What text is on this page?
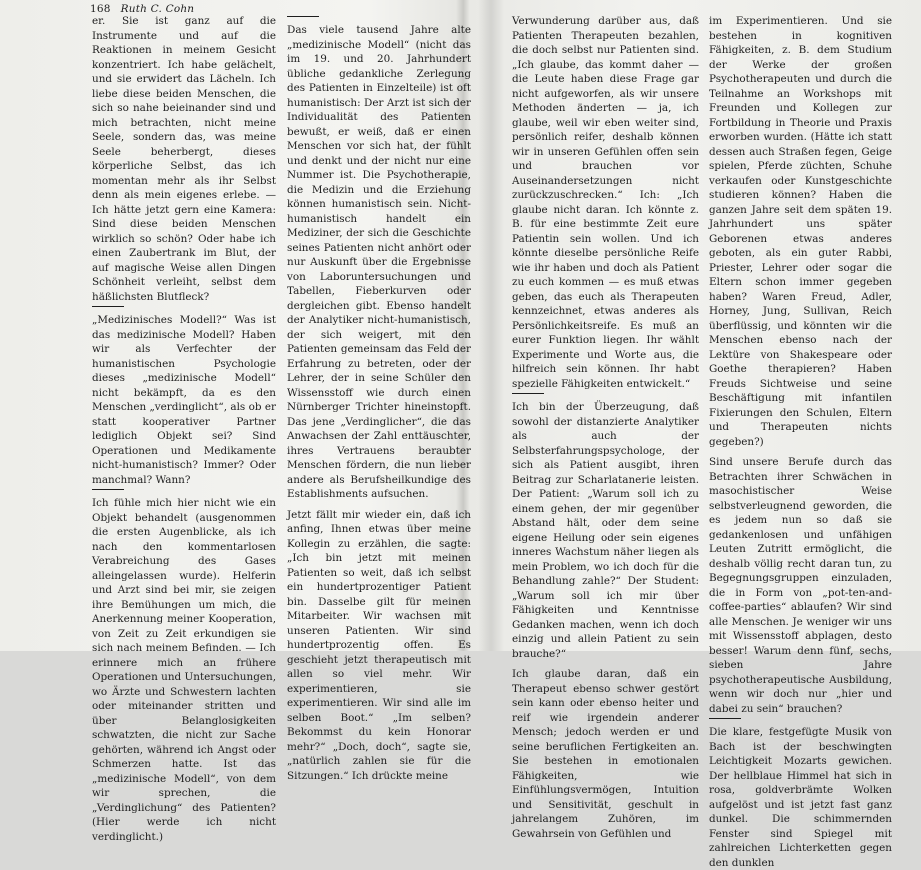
168 Ruth C. Cohn

er. Sie ist ganz auf die Instrumente und auf die Reaktionen in meinem Gesicht konzentriert. Ich habe gelächelt, und sie erwidert das Lächeln. Ich liebe diese beiden Menschen, die sich so nahe beieinander sind und mich betrachten, nicht meine Seele, sondern das, was meine Seele beherbergt, dieses körperliche Selbst, das ich momentan mehr als ihr Selbst denn als mein eigenes erlebe. — Ich hätte jetzt gern eine Kamera: Sind diese beiden Menschen wirklich so schön? Oder habe ich einen Zaubertrank im Blut, der auf magische Weise allen Dingen Schönheit verleiht, selbst dem häßlichsten Blutfleck?

„Medizinisches Modell?“ Was ist das medizinische Modell? Haben wir als Verfechter der humanistischen Psychologie dieses „medizinische Modell“ nicht bekämpft, da es den Menschen „verdinglicht“, als ob er statt kooperativer Partner lediglich Objekt sei? Sind Operationen und Medikamente nicht-humanistisch? Immer? Oder manchmal? Wann?

Ich fühle mich hier nicht wie ein Objekt behandelt (ausgenommen die ersten Augenblicke, als ich nach den kommentarlosen Verabreichung des Gases alleingelassen wurde). Helferin und Arzt sind bei mir, sie zeigen ihre Bemühungen um mich, die Anerkennung meiner Kooperation, von Zeit zu Zeit erkundigen sie sich nach meinem Befinden. — Ich erinnere mich an frühere Operationen und Untersuchungen, wo Ärzte und Schwestern lachten oder miteinander stritten und über Belanglosigkeiten schwatzten, die nicht zur Sache gehörten, während ich Angst oder Schmerzen hatte. Ist das „medizinische Modell“, von dem wir sprechen, die „Verdinglichung“ des Patienten? (Hier werde ich nicht verdinglicht.)

Das viele tausend Jahre alte „medizinische Modell“ (nicht das im 19. und 20. Jahrhundert übliche gedankliche Zerlegung des Patienten in Einzelteile) ist oft humanistisch: Der Arzt ist sich der Individualität des Patienten bewußt, er weiß, daß er einen Menschen vor sich hat, der fühlt und denkt und der nicht nur eine Nummer ist. Die Psychotherapie, die Medizin und die Erziehung können humanistisch sein. Nicht-humanistisch handelt ein Mediziner, der sich die Geschichte seines Patienten nicht anhört oder nur Auskunft über die Ergebnisse von Laboruntersuchungen und Tabellen, Fieberkurven oder dergleichen gibt. Ebenso handelt der Analytiker nicht-humanistisch, der sich weigert, mit den Patienten gemeinsam das Feld der Erfahrung zu betreten, oder der Lehrer, der in seine Schüler den Wissensstoff wie durch einen Nürnberger Trichter hineinstopft. Das jene „Verdinglicher“, die das Anwachsen der Zahl enttäuschter, ihres Vertrauens beraubter Menschen fördern, die nun lieber andere als Berufsheilkundige des Establishments aufsuchen.

Jetzt fällt mir wieder ein, daß ich anfing, Ihnen etwas über meine Kollegin zu erzählen, die sagte: „Ich bin jetzt mit meinen Patienten so weit, daß ich selbst ein hundertprozentiger Patient bin. Dasselbe gilt für meinen Mitarbeiter. Wir wachsen mit unseren Patienten. Wir sind hundertprozentig offen. Es geschieht jetzt therapeutisch mit allen so viel mehr. Wir experimentieren, sie experimentieren. Wir sind alle im selben Boot.“ „Im selben? Bekommst du kein Honorar mehr?“ „Doch, doch“, sagte sie, „natürlich zahlen sie für die Sitzungen.“ Ich drückte meine

Verwunderung darüber aus, daß Patienten Therapeuten bezahlen, die doch selbst nur Patienten sind. „Ich glaube, das kommt daher — die Leute haben diese Frage gar nicht aufgeworfen, als wir unsere Methoden änderten — ja, ich glaube, weil wir eben weiter sind, persönlich reifer, deshalb können wir in unseren Gefühlen offen sein und brauchen vor Auseinandersetzungen nicht zurückzuschrecken.“ Ich: „Ich glaube nicht daran. Ich könnte z. B. für eine bestimmte Zeit eure Patientin sein wollen. Und ich könnte dieselbe persönliche Reife wie ihr haben und doch als Patient zu euch kommen — es muß etwas geben, das euch als Therapeuten kennzeichnet, etwas anderes als Persönlichkeitsreife. Es muß an eurer Funktion liegen. Ihr wählt Experimente und Worte aus, die hilfreich sein können. Ihr habt spezielle Fähigkeiten entwickelt.“

Ich bin der Überzeugung, daß sowohl der distanzierte Analytiker als auch der Selbsterfahrungspsychologe, der sich als Patient ausgibt, ihren Beitrag zur Scharlatanerie leisten. Der Patient: „Warum soll ich zu einem gehen, der mir gegenüber Abstand hält, oder dem seine eigene Heilung oder sein eigenes inneres Wachstum näher liegen als mein Problem, wo ich doch für die Behandlung zahle?“ Der Student: „Warum soll ich mir über Fähigkeiten und Kenntnisse Gedanken machen, wenn ich doch einzig und allein Patient zu sein brauche?“

Ich glaube daran, daß ein Therapeut ebenso schwer gestört sein kann oder ebenso heiter und reif wie irgendein anderer Mensch; jedoch werden er und seine beruflichen Fertigkeiten an. Sie bestehen in emotionalen Fähigkeiten, wie Einfühlungsvermögen, Intuition und Sensitivität, geschult in jahrelangem Zuhören, im Gewahrsein von Gefühlen und

im Experimentieren. Und sie bestehen in kognitiven Fähigkeiten, z. B. dem Studium der Werke der großen Psychotherapeuten und durch die Teilnahme an Workshops mit Freunden und Kollegen zur Fortbildung in Theorie und Praxis erworben wurden. (Hätte ich statt dessen auch Straßen fegen, Geige spielen, Pferde züchten, Schuhe verkaufen oder Kunstgeschichte studieren können? Haben die ganzen Jahre seit dem späten 19. Jahrhundert uns später Geborenen etwas anderes geboten, als ein guter Rabbi, Priester, Lehrer oder sogar die Eltern schon immer gegeben haben? Waren Freud, Adler, Horney, Jung, Sullivan, Reich überflüssig, und könnten wir die Menschen ebenso nach der Lektüre von Shakespeare oder Goethe therapieren? Haben Freuds Sichtweise und seine Beschäftigung mit infantilen Fixierungen den Schulen, Eltern und Therapeuten nichts gegeben?)

Sind unsere Berufe durch das Betrachten ihrer Schwächen in masochistischer Weise selbstverleugnend geworden, die es jedem nun so daß sie gedankenlosen und unfähigen Leuten Zutritt ermöglicht, die deshalb völlig recht daran tun, zu Begegnungsgruppen einzuladen, die in Form von „pot-ten-and-coffee-parties“ ablaufen? Wir sind alle Menschen. Je weniger wir uns mit Wissensstoff abplagen, desto besser! Warum denn fünf, sechs, sieben Jahre psychotherapeutische Ausbildung, wenn wir doch nur „hier und dabei zu sein“ brauchen?

Die klare, festgefügte Musik von Bach ist der beschwingten Leichtigkeit Mozarts gewichen. Der hellblaue Himmel hat sich in rosa, goldverbrämte Wolken aufgelöst und ist jetzt fast ganz dunkel. Die schimmernden Fenster sind Spiegel mit zahlreichen Lichterketten gegen den dunklen
